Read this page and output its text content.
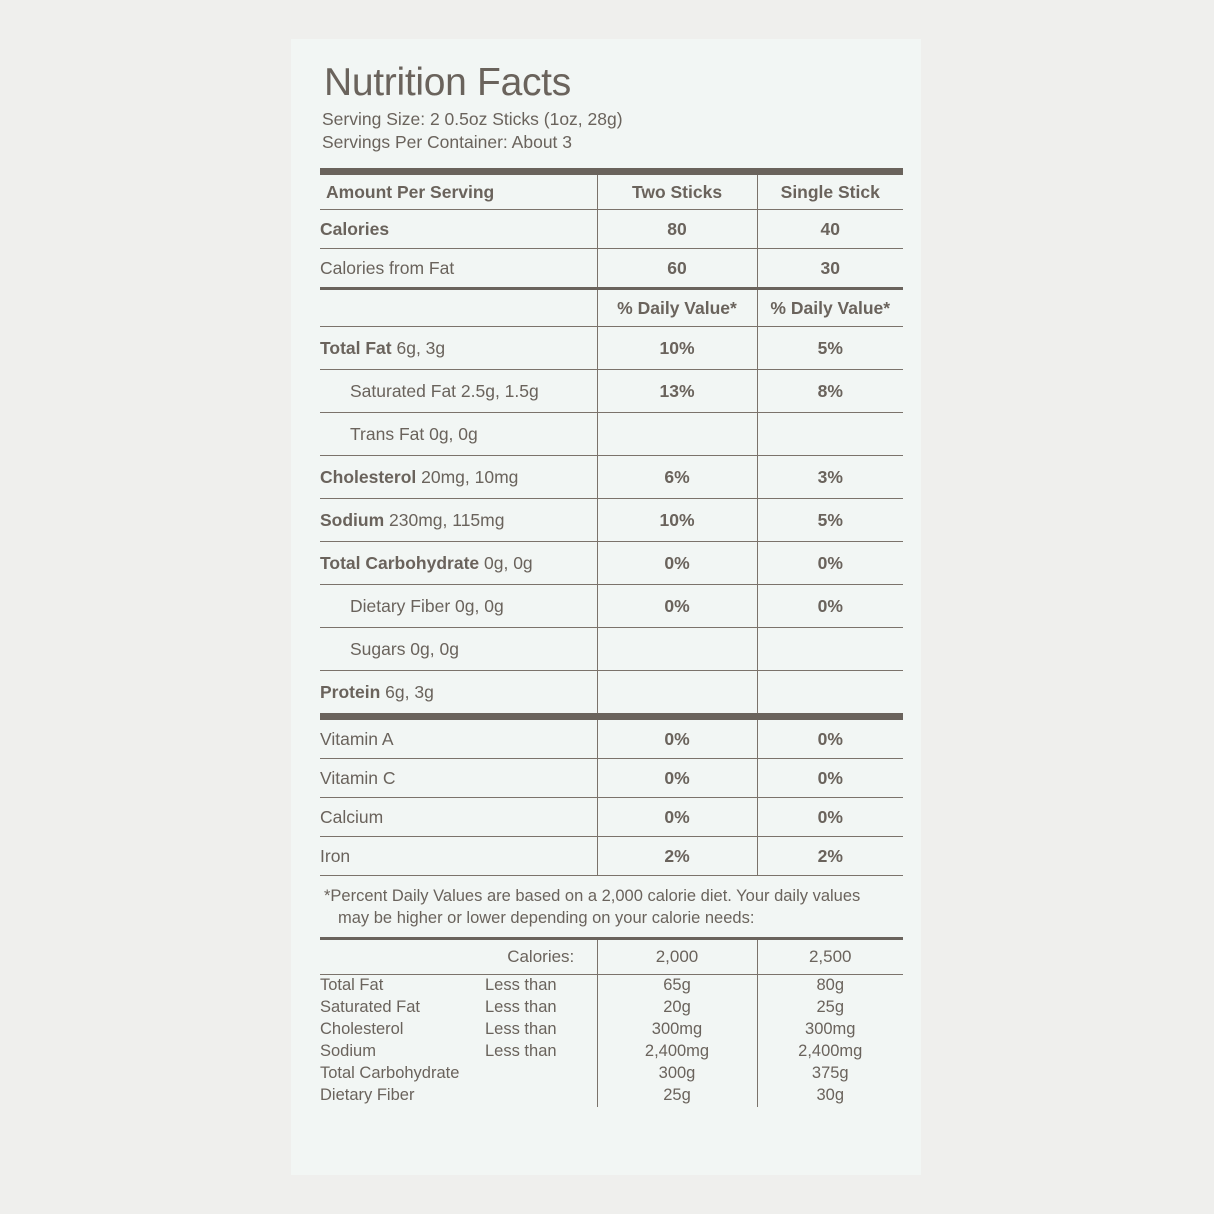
Nutrition Facts
Serving Size: 2 0.5oz Sticks (1oz, 28g)
Servings Per Container: About 3
Amount Per Serving	Two Sticks	Single Stick
Calories	80	40
Calories from Fat	60	30
	% Daily Value*	% Daily Value*
Total Fat 6g, 3g	10%	5%
Saturated Fat 2.5g, 1.5g	13%	8%
Trans Fat 0g, 0g		
Cholesterol 20mg, 10mg	6%	3%
Sodium 230mg, 115mg	10%	5%
Total Carbohydrate 0g, 0g	0%	0%
Dietary Fiber 0g, 0g	0%	0%
Sugars 0g, 0g		
Protein 6g, 3g		
Vitamin A	0%	0%
Vitamin C	0%	0%
Calcium	0%	0%
Iron	2%	2%

*Percent Daily Values are based on a 2,000 calorie diet. Your daily values
may be higher or lower depending on your calorie needs:
	Calories:	2,000	2,500
Total Fat	Less than	65g	80g
Saturated Fat	Less than	20g	25g
Cholesterol	Less than	300mg	300mg
Sodium	Less than	2,400mg	2,400mg
Total Carbohydrate		300g	375g
Dietary Fiber		25g	30g
